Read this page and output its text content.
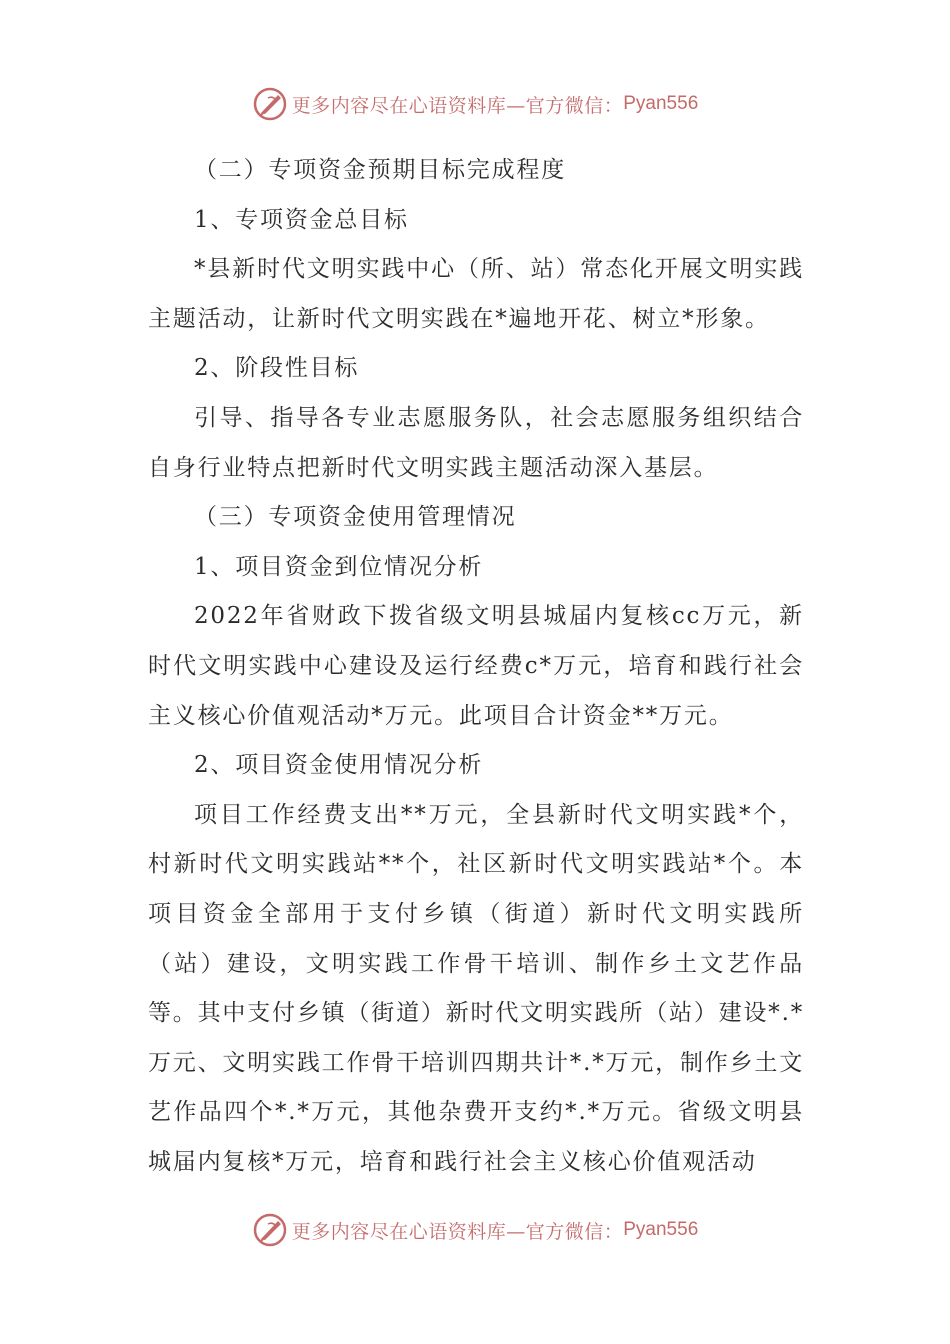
更多内容尽在心语资料库—官方微信： Pyan556

（二）专项资金预期目标完成程度

1、专项资金总目标

*县新时代文明实践中心（所、站）常态化开展文明实践主题活动，让新时代文明实践在*遍地开花、树立*形象。

2、阶段性目标

引导、指导各专业志愿服务队，社会志愿服务组织结合自身行业特点把新时代文明实践主题活动深入基层。

（三）专项资金使用管理情况

1、项目资金到位情况分析

2022年省财政下拨省级文明县城届内复核cc万元，新时代文明实践中心建设及运行经费c*万元，培育和践行社会主义核心价值观活动*万元。此项目合计资金**万元。

2、项目资金使用情况分析

项目工作经费支出**万元，全县新时代文明实践*个，村新时代文明实践站**个，社区新时代文明实践站*个。本项目资金全部用于支付乡镇（街道）新时代文明实践所（站）建设，文明实践工作骨干培训、制作乡土文艺作品等。其中支付乡镇（街道）新时代文明实践所（站）建设*.*万元、文明实践工作骨干培训四期共计*.*万元，制作乡土文艺作品四个*.*万元，其他杂费开支约*.*万元。省级文明县城届内复核*万元，培育和践行社会主义核心价值观活动

更多内容尽在心语资料库—官方微信： Pyan556
